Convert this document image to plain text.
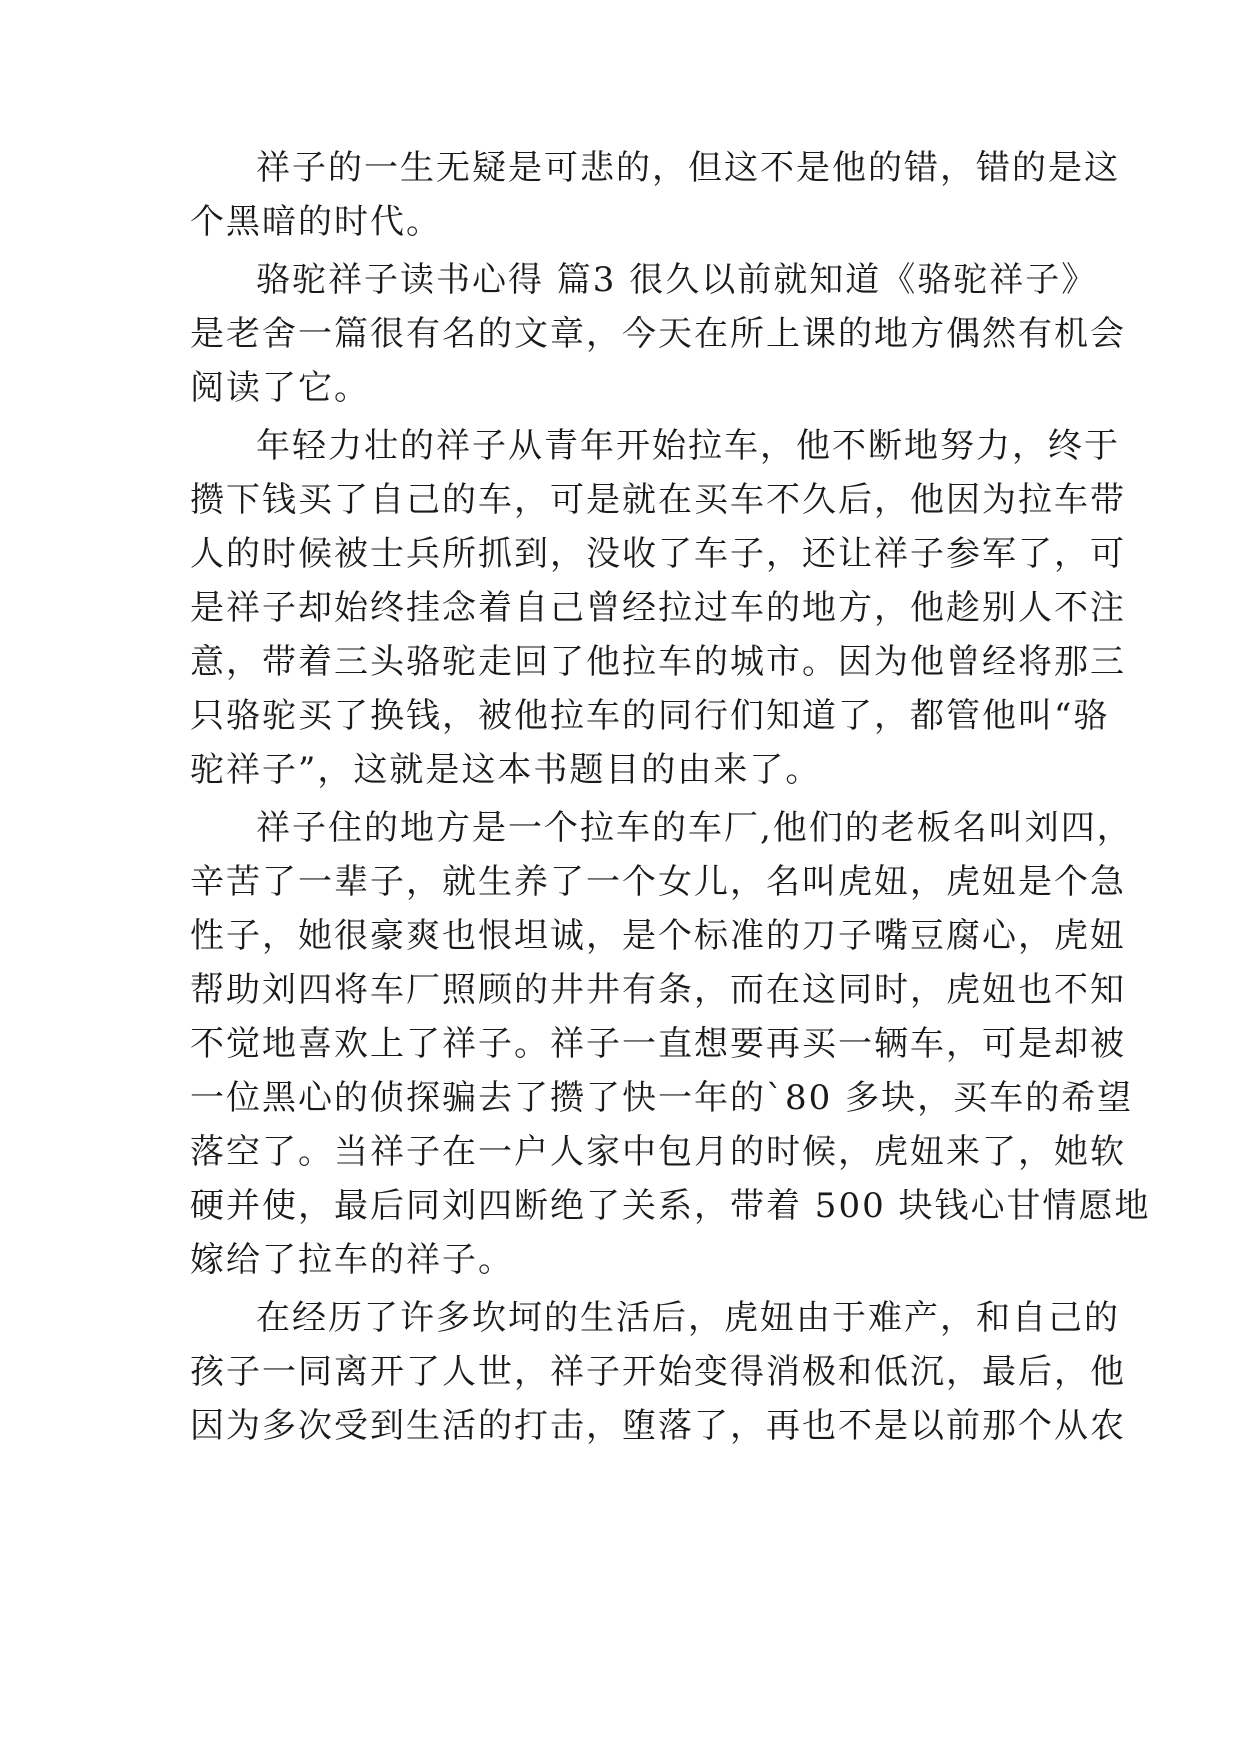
祥子的一生无疑是可悲的，但这不是他的错，错的是这
个黑暗的时代。
骆驼祥子读书心得 篇3 很久以前就知道《骆驼祥子》
是老舍一篇很有名的文章，今天在所上课的地方偶然有机会
阅读了它。
年轻力壮的祥子从青年开始拉车，他不断地努力，终于
攒下钱买了自己的车，可是就在买车不久后，他因为拉车带
人的时候被士兵所抓到，没收了车子，还让祥子参军了，可
是祥子却始终挂念着自己曾经拉过车的地方，他趁别人不注
意，带着三头骆驼走回了他拉车的城市。因为他曾经将那三
只骆驼买了换钱，被他拉车的同行们知道了，都管他叫“骆
驼祥子”，这就是这本书题目的由来了。
祥子住的地方是一个拉车的车厂,他们的老板名叫刘四，
辛苦了一辈子，就生养了一个女儿，名叫虎妞，虎妞是个急
性子，她很豪爽也恨坦诚，是个标准的刀子嘴豆腐心，虎妞
帮助刘四将车厂照顾的井井有条，而在这同时，虎妞也不知
不觉地喜欢上了祥子。祥子一直想要再买一辆车，可是却被
一位黑心的侦探骗去了攒了快一年的`80 多块，买车的希望
落空了。当祥子在一户人家中包月的时候，虎妞来了，她软
硬并使，最后同刘四断绝了关系，带着 500 块钱心甘情愿地
嫁给了拉车的祥子。
在经历了许多坎坷的生活后，虎妞由于难产，和自己的
孩子一同离开了人世，祥子开始变得消极和低沉，最后，他
因为多次受到生活的打击，堕落了，再也不是以前那个从农
